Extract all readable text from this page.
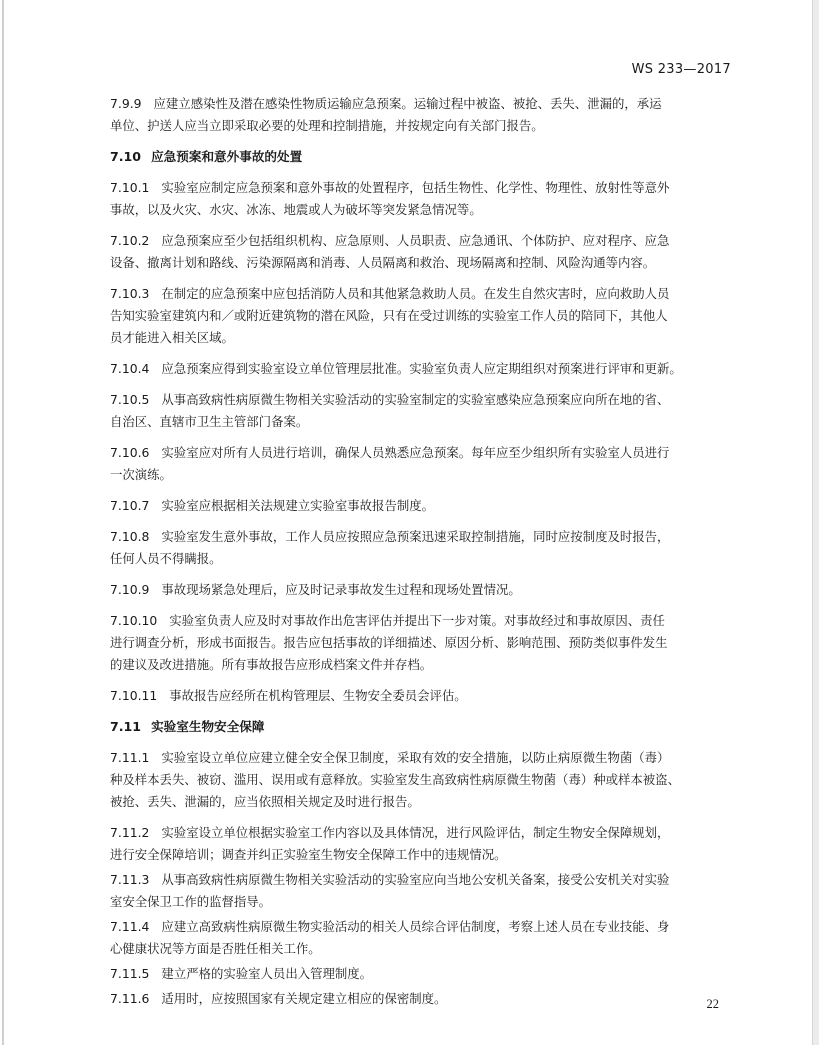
WS 233—2017
7.9.9 应建立感染性及潜在感染性物质运输应急预案。运输过程中被盗、被抢、丢失、泄漏的，承运
单位、护送人应当立即采取必要的处理和控制措施，并按规定向有关部门报告。
7.10 应急预案和意外事故的处置
7.10.1 实验室应制定应急预案和意外事故的处置程序，包括生物性、化学性、物理性、放射性等意外
事故，以及火灾、水灾、冰冻、地震或人为破坏等突发紧急情况等。
7.10.2 应急预案应至少包括组织机构、应急原则、人员职责、应急通讯、个体防护、应对程序、应急
设备、撤离计划和路线、污染源隔离和消毒、人员隔离和救治、现场隔离和控制、风险沟通等内容。
7.10.3 在制定的应急预案中应包括消防人员和其他紧急救助人员。在发生自然灾害时，应向救助人员
告知实验室建筑内和／或附近建筑物的潜在风险，只有在受过训练的实验室工作人员的陪同下，其他人
员才能进入相关区域。
7.10.4 应急预案应得到实验室设立单位管理层批准。实验室负责人应定期组织对预案进行评审和更新。
7.10.5 从事高致病性病原微生物相关实验活动的实验室制定的实验室感染应急预案应向所在地的省、
自治区、直辖市卫生主管部门备案。
7.10.6 实验室应对所有人员进行培训，确保人员熟悉应急预案。每年应至少组织所有实验室人员进行
一次演练。
7.10.7 实验室应根据相关法规建立实验室事故报告制度。
7.10.8 实验室发生意外事故，工作人员应按照应急预案迅速采取控制措施，同时应按制度及时报告，
任何人员不得瞒报。
7.10.9 事故现场紧急处理后，应及时记录事故发生过程和现场处置情况。
7.10.10 实验室负责人应及时对事故作出危害评估并提出下一步对策。对事故经过和事故原因、责任
进行调查分析，形成书面报告。报告应包括事故的详细描述、原因分析、影响范围、预防类似事件发生
的建议及改进措施。所有事故报告应形成档案文件并存档。
7.10.11 事故报告应经所在机构管理层、生物安全委员会评估。
7.11 实验室生物安全保障
7.11.1 实验室设立单位应建立健全安全保卫制度，采取有效的安全措施，以防止病原微生物菌（毒）
种及样本丢失、被窃、滥用、误用或有意释放。实验室发生高致病性病原微生物菌（毒）种或样本被盗、
被抢、丢失、泄漏的，应当依照相关规定及时进行报告。
7.11.2 实验室设立单位根据实验室工作内容以及具体情况，进行风险评估，制定生物安全保障规划，
进行安全保障培训；调查并纠正实验室生物安全保障工作中的违规情况。
7.11.3 从事高致病性病原微生物相关实验活动的实验室应向当地公安机关备案，接受公安机关对实验
室安全保卫工作的监督指导。
7.11.4 应建立高致病性病原微生物实验活动的相关人员综合评估制度，考察上述人员在专业技能、身
心健康状况等方面是否胜任相关工作。
7.11.5 建立严格的实验室人员出入管理制度。
7.11.6 适用时，应按照国家有关规定建立相应的保密制度。	22
